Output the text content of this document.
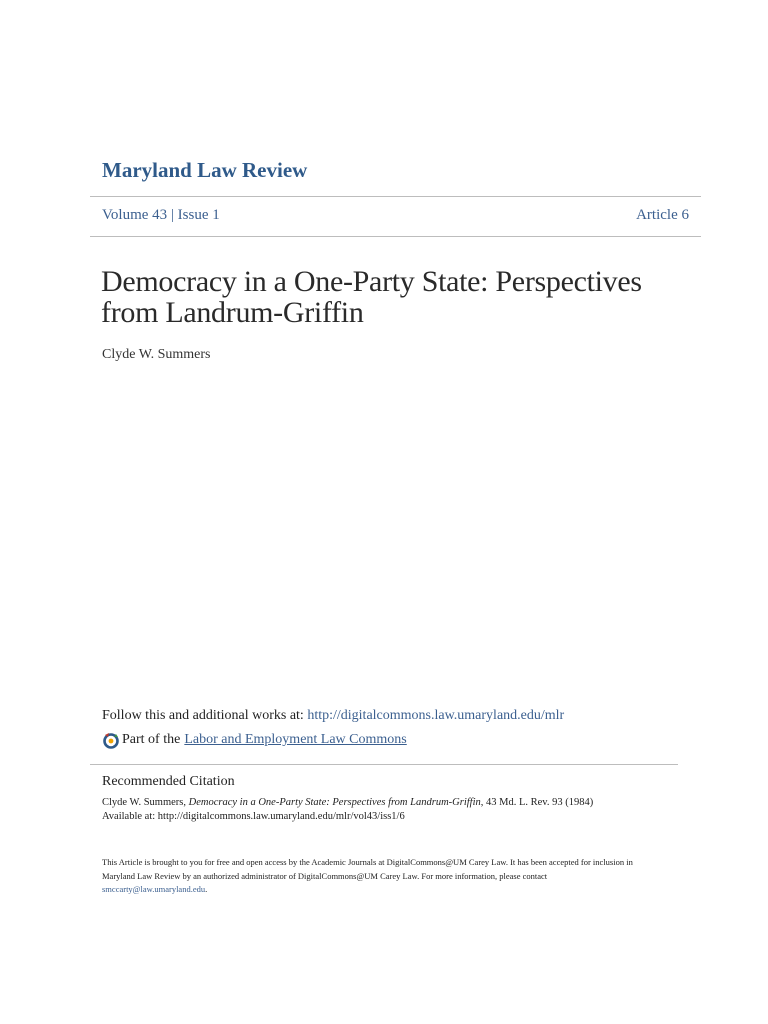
Maryland Law Review
Volume 43 | Issue 1	Article 6
Democracy in a One-Party State: Perspectives from Landrum-Griffin
Clyde W. Summers
Follow this and additional works at: http://digitalcommons.law.umaryland.edu/mlr
Part of the Labor and Employment Law Commons
Recommended Citation
Clyde W. Summers, Democracy in a One-Party State: Perspectives from Landrum-Griffin, 43 Md. L. Rev. 93 (1984)
Available at: http://digitalcommons.law.umaryland.edu/mlr/vol43/iss1/6
This Article is brought to you for free and open access by the Academic Journals at DigitalCommons@UM Carey Law. It has been accepted for inclusion in Maryland Law Review by an authorized administrator of DigitalCommons@UM Carey Law. For more information, please contact
smccarty@law.umaryland.edu.
